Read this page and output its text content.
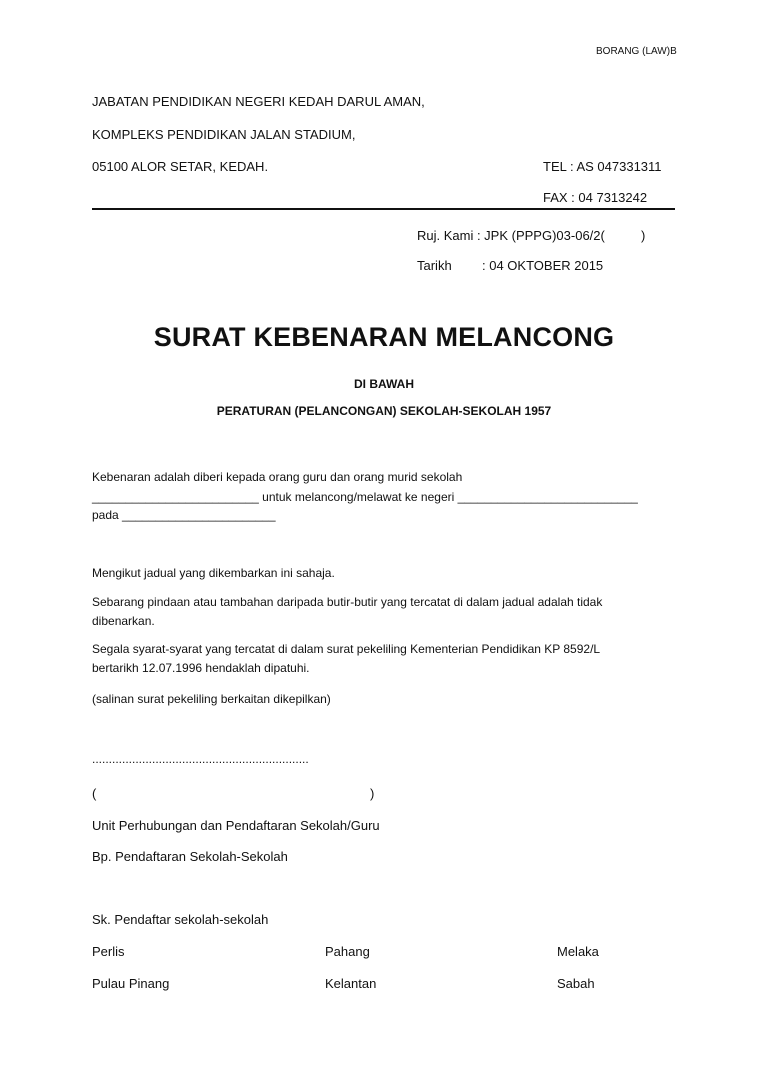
BORANG (LAW)B
JABATAN PENDIDIKAN NEGERI KEDAH DARUL AMAN,
KOMPLEKS PENDIDIKAN JALAN STADIUM,
05100 ALOR SETAR, KEDAH.	TEL : AS 047331311
FAX : 04 7313242
Ruj. Kami : JPK (PPPG)03-06/2(	)
Tarikh : 04 OKTOBER 2015
SURAT KEBENARAN MELANCONG
DI BAWAH
PERATURAN (PELANCONGAN) SEKOLAH-SEKOLAH 1957
Kebenaran adalah diberi kepada orang guru dan orang murid sekolah
_________________________ untuk melancong/melawat ke negeri ___________________________
pada _______________________
Mengikut jadual yang dikembarkan ini sahaja.
Sebarang pindaan atau tambahan daripada butir-butir yang tercatat di dalam jadual adalah tidak
dibenarkan.
Segala syarat-syarat yang tercatat di dalam surat pekeliling Kementerian Pendidikan KP 8592/L
bertarikh 12.07.1996 hendaklah dipatuhi.
(salinan surat pekeliling berkaitan dikepilkan)
.................................................................
(	)
Unit Perhubungan dan Pendaftaran Sekolah/Guru
Bp. Pendaftaran Sekolah-Sekolah
Sk. Pendaftar sekolah-sekolah
Perlis	Pahang	Melaka
Pulau Pinang	Kelantan	Sabah
